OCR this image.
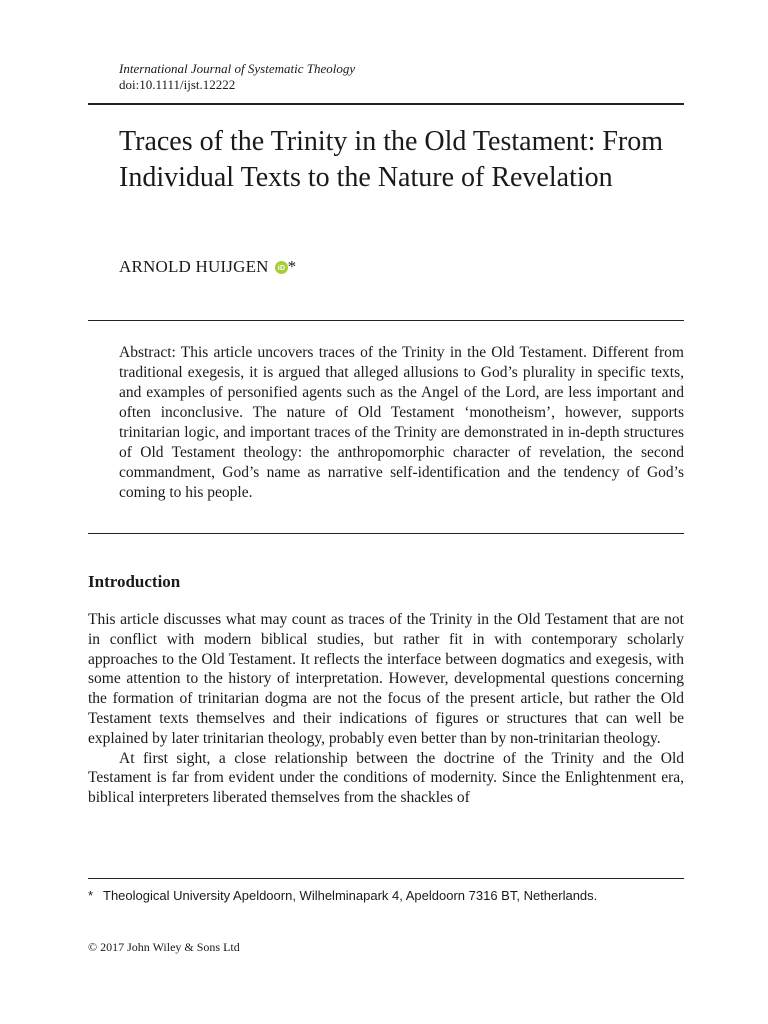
International Journal of Systematic Theology
doi:10.1111/ijst.12222
Traces of the Trinity in the Old Testament: From Individual Texts to the Nature of Revelation
ARNOLD HUIJGEN iD *
Abstract: This article uncovers traces of the Trinity in the Old Testament. Different from traditional exegesis, it is argued that alleged allusions to God’s plurality in specific texts, and examples of personified agents such as the Angel of the Lord, are less important and often inconclusive. The nature of Old Testament ‘monotheism’, however, supports trinitarian logic, and important traces of the Trinity are demonstrated in in-depth structures of Old Testament theology: the anthropomorphic character of revelation, the second commandment, God’s name as narrative self-identification and the tendency of God’s coming to his people.
Introduction

This article discusses what may count as traces of the Trinity in the Old Testament that are not in conflict with modern biblical studies, but rather fit in with contemporary scholarly approaches to the Old Testament. It reflects the interface between dogmatics and exegesis, with some attention to the history of interpretation. However, developmental questions concerning the formation of trinitarian dogma are not the focus of the present article, but rather the Old Testament texts themselves and their indications of figures or structures that can well be explained by later trinitarian theology, probably even better than by non-trinitarian theology.

At first sight, a close relationship between the doctrine of the Trinity and the Old Testament is far from evident under the conditions of modernity. Since the Enlightenment era, biblical interpreters liberated themselves from the shackles of

* Theological University Apeldoorn, Wilhelminapark 4, Apeldoorn 7316 BT, Netherlands.
© 2017 John Wiley & Sons Ltd
